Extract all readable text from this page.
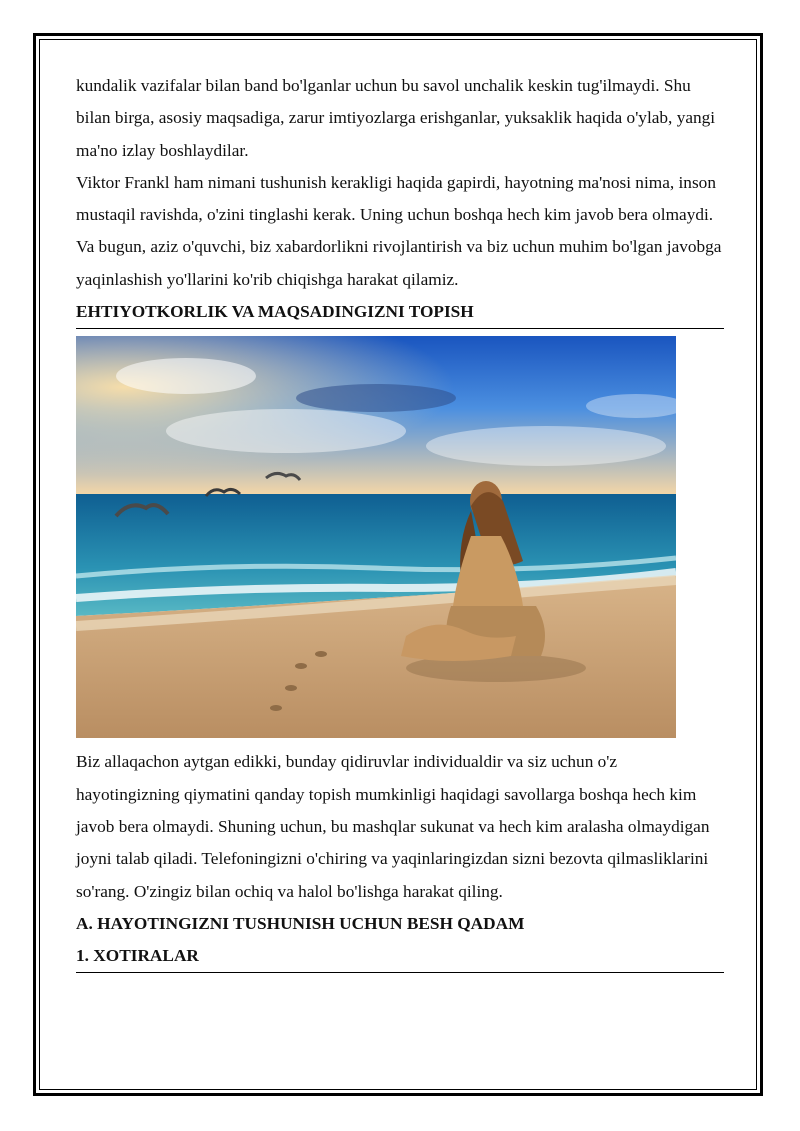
kundalik vazifalar bilan band bo'lganlar uchun bu savol unchalik keskin tug'ilmaydi. Shu bilan birga, asosiy maqsadiga, zarur imtiyozlarga erishganlar, yuksaklik haqida o'ylab, yangi ma'no izlay boshlaydilar.

Viktor Frankl ham nimani tushunish kerakligi haqida gapirdi, hayotning ma'nosi nima, inson mustaqil ravishda, o'zini tinglashi kerak. Uning uchun boshqa hech kim javob bera olmaydi. Va bugun, aziz o'quvchi, biz xabardorlikni rivojlantirish va biz uchun muhim bo'lgan javobga yaqinlashish yo'llarini ko'rib chiqishga harakat qilamiz.

EHTIYOTKORLIK VA MAQSADINGIZNI TOPISH

Biz allaqachon aytgan edikki, bunday qidiruvlar individualdir va siz uchun o'z hayotingizning qiymatini qanday topish mumkinligi haqidagi savollarga boshqa hech kim javob bera olmaydi. Shuning uchun, bu mashqlar sukunat va hech kim aralasha olmaydigan joyni talab qiladi. Telefoningizni o'chiring va yaqinlaringizdan sizni bezovta qilmasliklarini so'rang. O'zingiz bilan ochiq va halol bo'lishga harakat qiling.

A. HAYOTINGIZNI TUSHUNISH UCHUN BESH QADAM

1. XOTIRALAR
